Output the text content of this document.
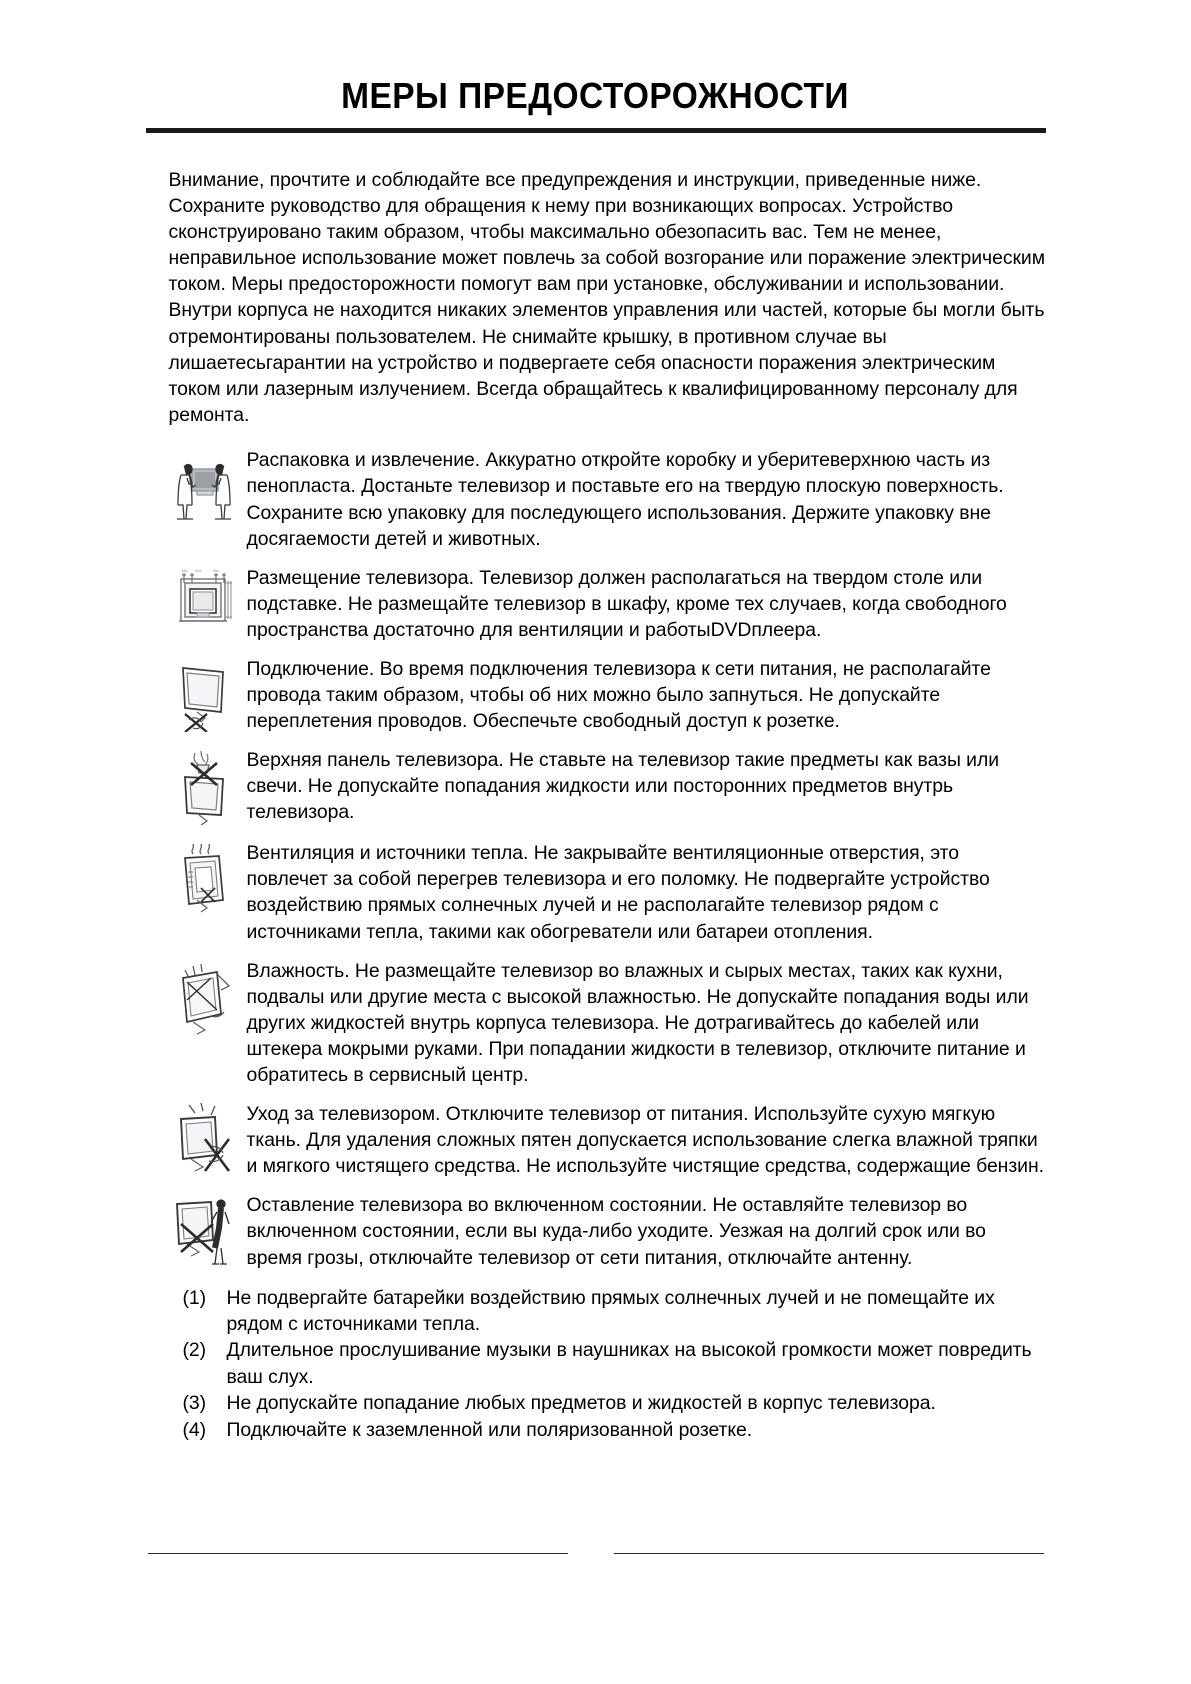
МЕРЫ ПРЕДОСТОРОЖНОСТИ

Внимание, прочтите и соблюдайте все предупреждения и инструкции, приведенные ниже. Сохраните руководство для обращения к нему при возникающих вопросах. Устройство сконструировано таким образом, чтобы максимально обезопасить вас. Тем не менее, неправильное использование может повлечь за собой возгорание или поражение электрическим током. Меры предосторожности помогут вам при установке, обслуживании и использовании. Внутри корпуса не находится никаких элементов управления или частей, которые бы могли быть отремонтированы пользователем. Не снимайте крышку, в противном случае вы лишаетесьгарантии на устройство и подвергаете себя опасности поражения электрическим током или лазерным излучением. Всегда обращайтесь к квалифицированному персоналу для ремонта.

Распаковка и извлечение. Аккуратно откройте коробку и уберитеверхнюю часть из пенопласта. Достаньте телевизор и поставьте его на твердую плоскую поверхность. Сохраните всю упаковку для последующего использования. Держите упаковку вне досягаемости детей и животных.
Min 5cm	Min Размещение телевизора. Телевизор должен располагаться на твердом столе или подставке. Не размещайте телевизор в шкафу, кроме тех случаев, когда свободного пространства достаточно для вентиляции и работыDVDплеера.
Подключение. Во время подключения телевизора к сети питания, не располагайте провода таким образом, чтобы об них можно было запнуться. Не допускайте переплетения проводов. Обеспечьте свободный доступ к розетке.
Верхняя панель телевизора. Не ставьте на телевизор такие предметы как вазы или свечи. Не допускайте попадания жидкости или посторонних предметов внутрь телевизора.
Вентиляция и источники тепла. Не закрывайте вентиляционные отверстия, это повлечет за собой перегрев телевизора и его поломку. Не подвергайте устройство воздействию прямых солнечных лучей и не располагайте телевизор рядом с источниками тепла, такими как обогреватели или батареи отопления.
Влажность. Не размещайте телевизор во влажных и сырых местах, таких как кухни, подвалы или другие места с высокой влажностью. Не допускайте попадания воды или других жидкостей внутрь корпуса телевизора. Не дотрагивайтесь до кабелей или штекера мокрыми руками. При попадании жидкости в телевизор, отключите питание и обратитесь в сервисный центр.
Уход за телевизором. Отключите телевизор от питания. Используйте сухую мягкую ткань. Для удаления сложных пятен допускается использование слегка влажной тряпки и мягкого чистящего средства. Не используйте чистящие средства, содержащие бензин.
Оставление телевизора во включенном состоянии. Не оставляйте телевизор во включенном состоянии, если вы куда-либо уходите. Уезжая на долгий срок или во время грозы, отключайте телевизор от сети питания, отключайте антенну.
(1)	Не подвергайте батарейки воздействию прямых солнечных лучей и не помещайте их рядом с источниками тепла.
(2)	Длительное прослушивание музыки в наушниках на высокой громкости может повредить ваш слух.
(3)	Не допускайте попадание любых предметов и жидкостей в корпус телевизора.
(4)	Подключайте к заземленной или поляризованной розетке.
